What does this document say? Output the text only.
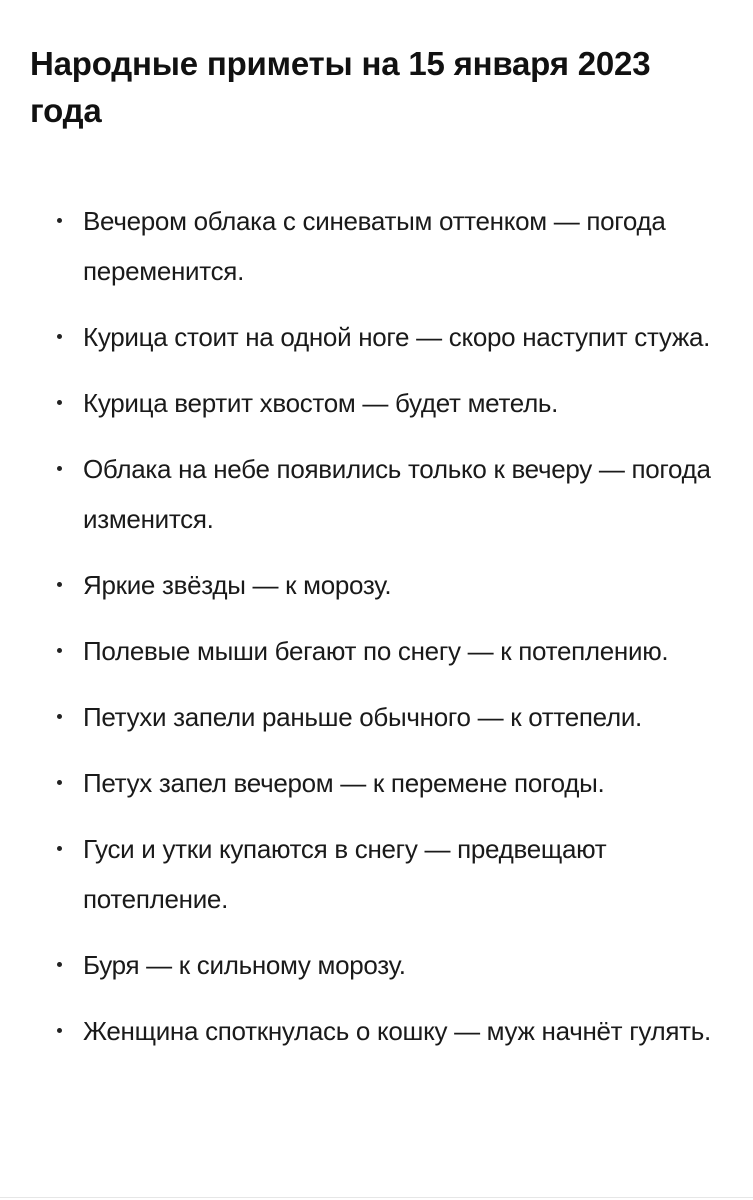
Народные приметы на 15 января 2023 года
Вечером облака с синеватым оттенком — погода переменится.
Курица стоит на одной ноге — скоро наступит стужа.
Курица вертит хвостом — будет метель.
Облака на небе появились только к вечеру — погода изменится.
Яркие звёзды — к морозу.
Полевые мыши бегают по снегу — к потеплению.
Петухи запели раньше обычного — к оттепели.
Петух запел вечером — к перемене погоды.
Гуси и утки купаются в снегу — предвещают потепление.
Буря — к сильному морозу.
Женщина споткнулась о кошку — муж начнёт гулять.
